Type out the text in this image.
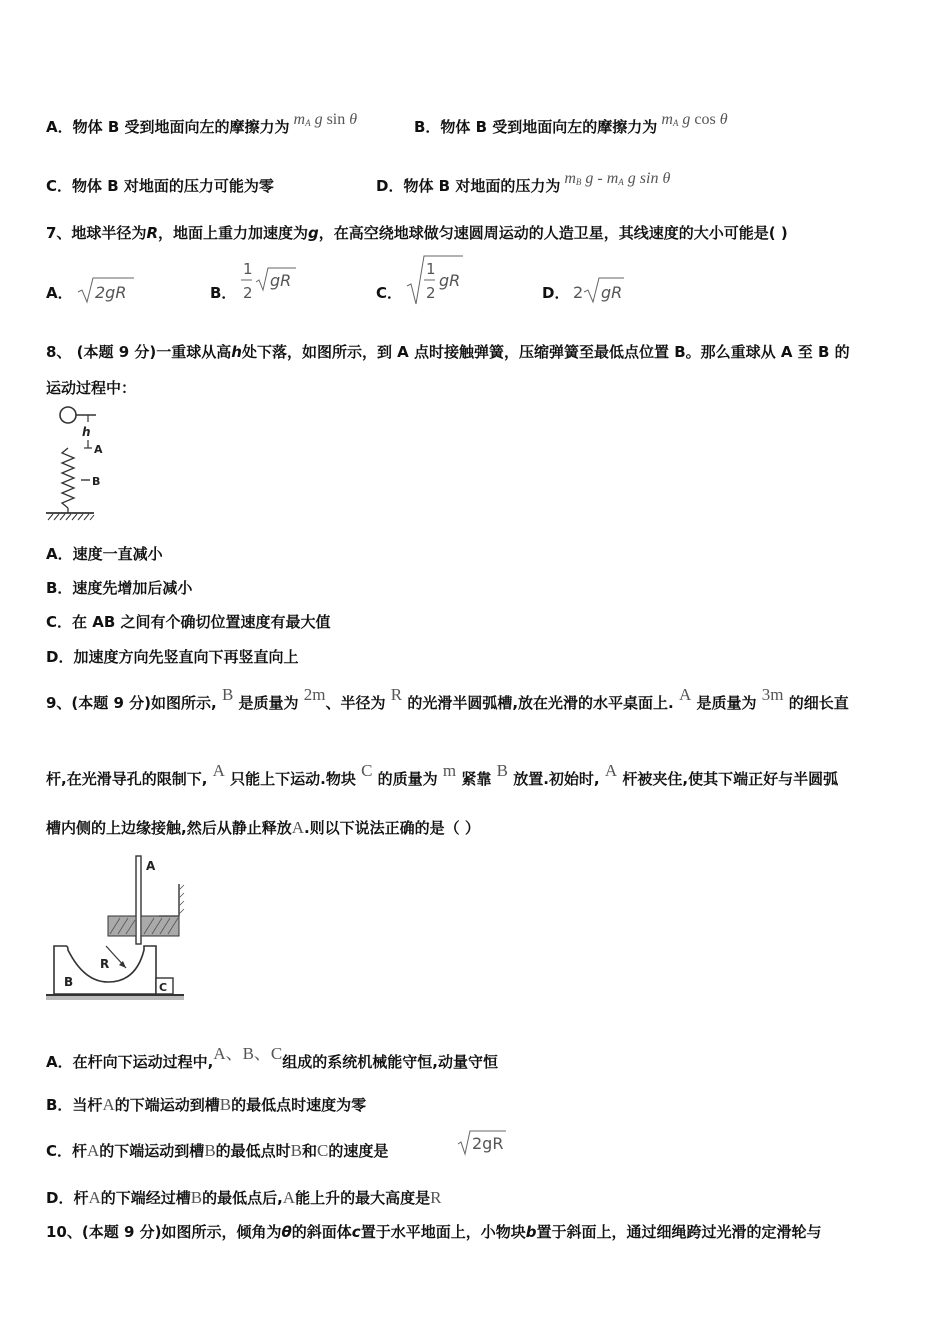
A．物体 B 受到地面向左的摩擦力为 $m_A$ g sin θ	B．物体 B 受到地面向左的摩擦力为 $m_A$ g cos θ
C．物体 B 对地面的压力可能为零	D．物体 B 对地面的压力为 $m_B$ g - $m_A$ g sin θ
7、地球半径为R，地面上重力加速度为g，在高空绕地球做匀速圆周运动的人造卫星，其线速度的大小可能是( )
A． 2gR	B．
1
2
gR
C．
1
2
gR
D． 2 gR
8、 (本题 9 分)一重球从高h处下落，如图所示，到 A 点时接触弹簧，压缩弹簧至最低点位置 B。那么重球从 A 至 B 的
运动过程中：
h
A
B
A．速度一直减小
B．速度先增加后减小
C．在 AB 之间有个确切位置速度有最大值
D．加速度方向先竖直向下再竖直向上
9、(本题 9 分)如图所示, B 是质量为 2m、半径为 R 的光滑半圆弧槽,放在光滑的水平桌面上. A 是质量为 3m 的细长直
杆,在光滑导孔的限制下, A 只能上下运动.物块 C 的质量为 m 紧靠 B 放置.初始时, A 杆被夹住,使其下端正好与半圆弧
槽内侧的上边缘接触,然后从静止释放A.则以下说法正确的是（ ）
A
R
B	C
A．在杆向下运动过程中,A、B、C组成的系统机械能守恒,动量守恒
B．当杆A的下端运动到槽B的最低点时速度为零
C．杆A的下端运动到槽B的最低点时B和C的速度是	2gR
D．杆A的下端经过槽B的最低点后,A能上升的最大高度是R
10、(本题 9 分)如图所示，倾角为θ的斜面体c置于水平地面上，小物块b置于斜面上，通过细绳跨过光滑的定滑轮与
